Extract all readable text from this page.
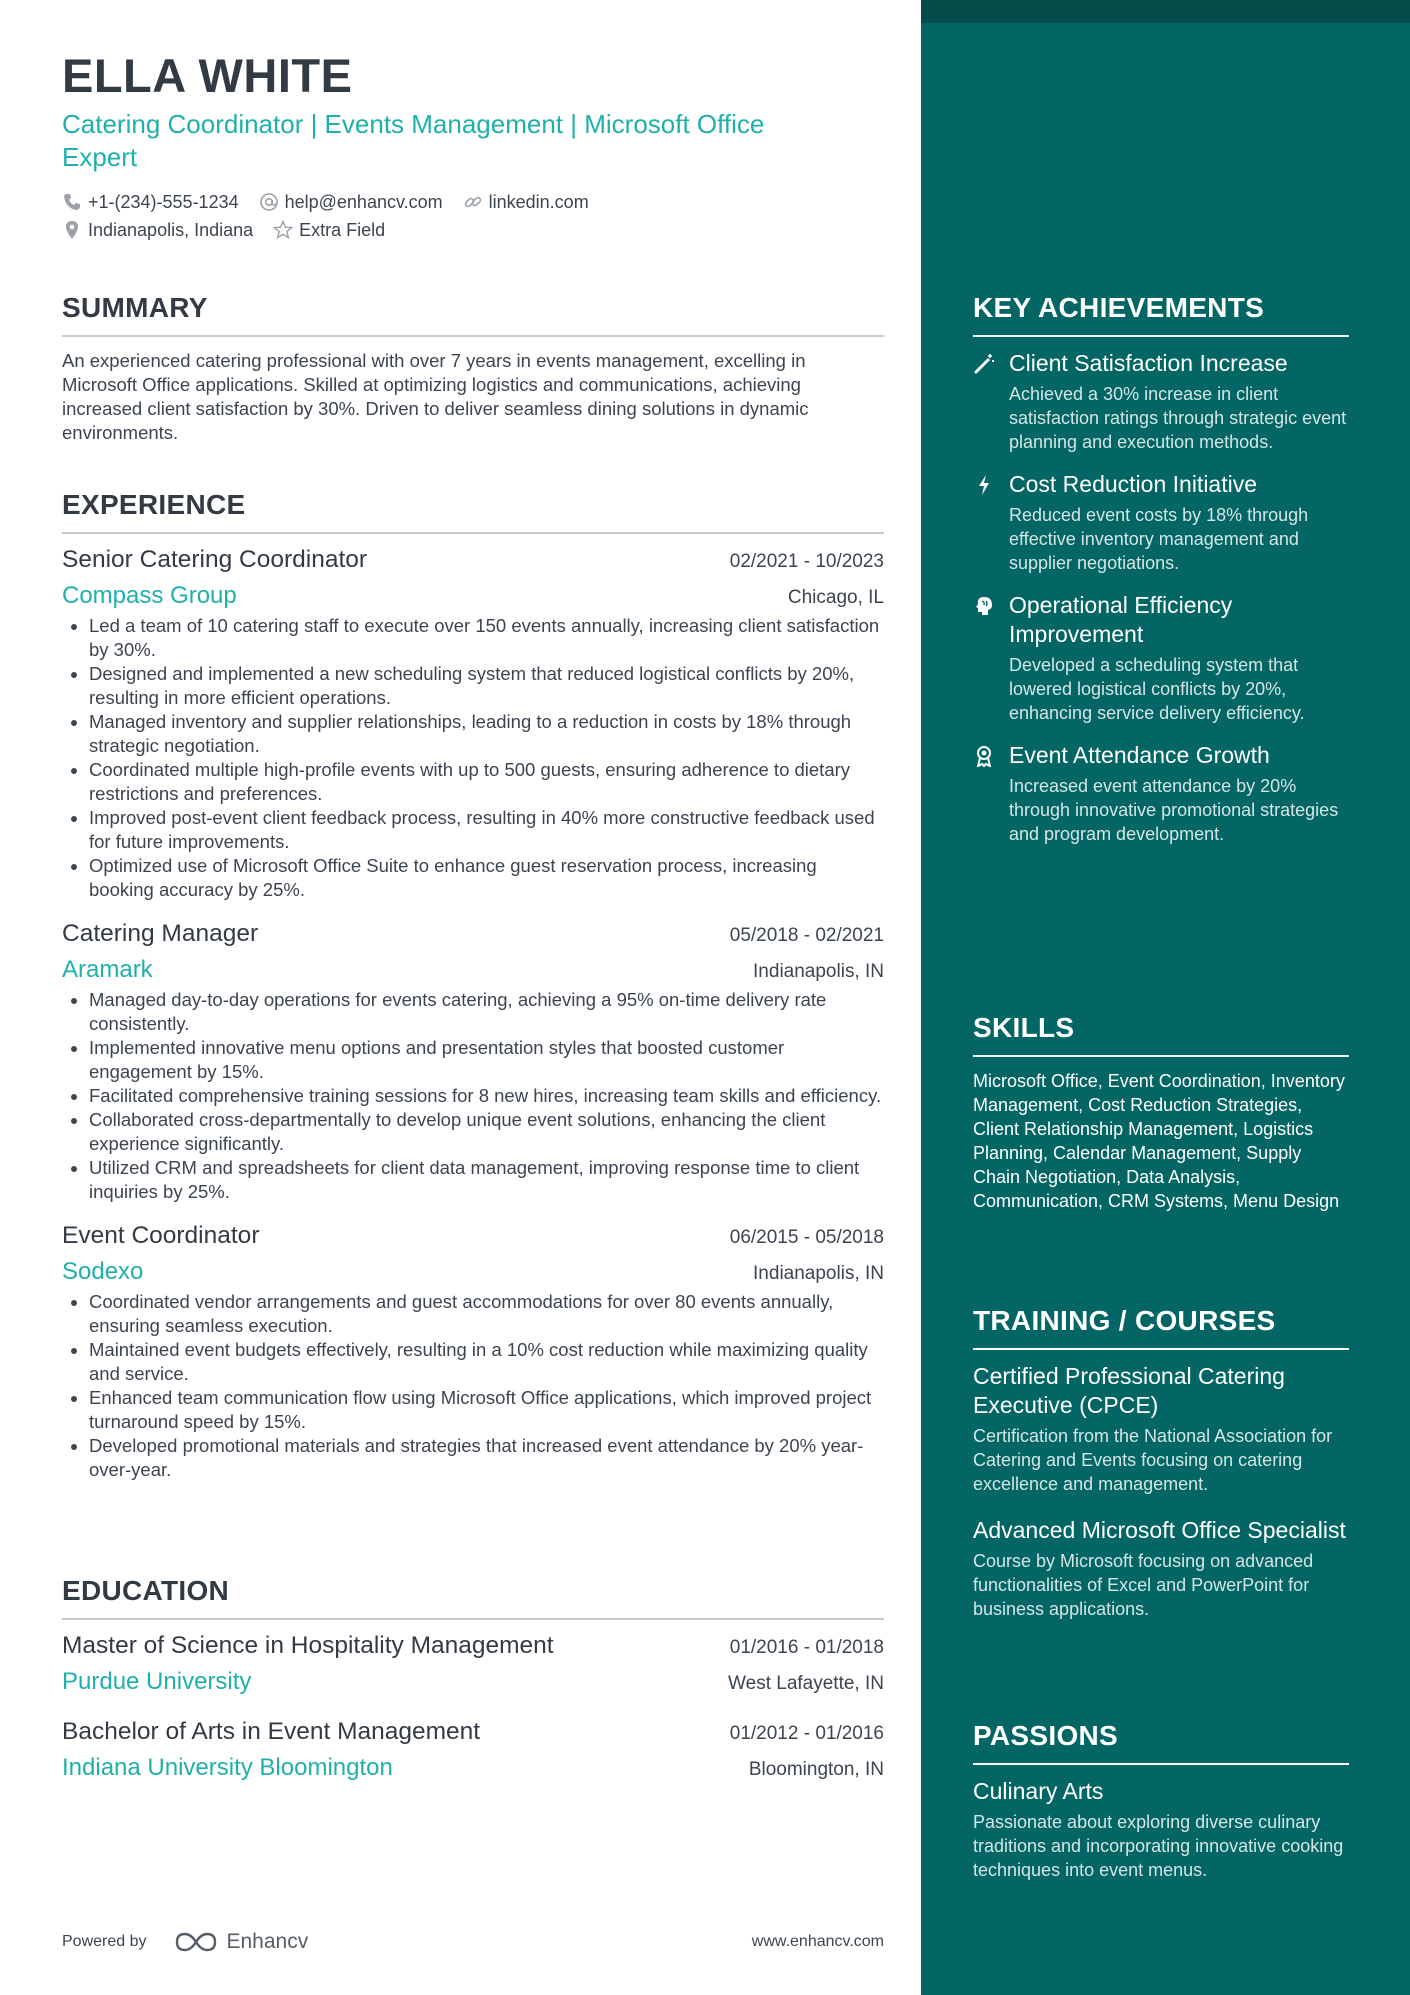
ELLA WHITE
Catering Coordinator | Events Management | Microsoft Office Expert
+1-(234)-555-1234	help@enhancv.com	linkedin.com
Indianapolis, Indiana	Extra Field
SUMMARY
An experienced catering professional with over 7 years in events management, excelling in Microsoft Office applications. Skilled at optimizing logistics and communications, achieving increased client satisfaction by 30%. Driven to deliver seamless dining solutions in dynamic environments.
EXPERIENCE
Senior Catering Coordinator	02/2021 - 10/2023
Compass Group	Chicago, IL
• Led a team of 10 catering staff to execute over 150 events annually, increasing client satisfaction by 30%.
• Designed and implemented a new scheduling system that reduced logistical conflicts by 20%, resulting in more efficient operations.
• Managed inventory and supplier relationships, leading to a reduction in costs by 18% through strategic negotiation.
• Coordinated multiple high-profile events with up to 500 guests, ensuring adherence to dietary restrictions and preferences.
• Improved post-event client feedback process, resulting in 40% more constructive feedback used for future improvements.
• Optimized use of Microsoft Office Suite to enhance guest reservation process, increasing booking accuracy by 25%.
Catering Manager	05/2018 - 02/2021
Aramark	Indianapolis, IN
• Managed day-to-day operations for events catering, achieving a 95% on-time delivery rate consistently.
• Implemented innovative menu options and presentation styles that boosted customer engagement by 15%.
• Facilitated comprehensive training sessions for 8 new hires, increasing team skills and efficiency.
• Collaborated cross-departmentally to develop unique event solutions, enhancing the client experience significantly.
• Utilized CRM and spreadsheets for client data management, improving response time to client inquiries by 25%.
Event Coordinator	06/2015 - 05/2018
Sodexo	Indianapolis, IN
• Coordinated vendor arrangements and guest accommodations for over 80 events annually, ensuring seamless execution.
• Maintained event budgets effectively, resulting in a 10% cost reduction while maximizing quality and service.
• Enhanced team communication flow using Microsoft Office applications, which improved project turnaround speed by 15%.
• Developed promotional materials and strategies that increased event attendance by 20% year-over-year.
EDUCATION
Master of Science in Hospitality Management	01/2016 - 01/2018
Purdue University	West Lafayette, IN
Bachelor of Arts in Event Management	01/2012 - 01/2016
Indiana University Bloomington	Bloomington, IN
Powered by	Enhancv	www.enhancv.com
KEY ACHIEVEMENTS
Client Satisfaction Increase
Achieved a 30% increase in client satisfaction ratings through strategic event planning and execution methods.
Cost Reduction Initiative
Reduced event costs by 18% through effective inventory management and supplier negotiations.
Operational Efficiency Improvement
Developed a scheduling system that lowered logistical conflicts by 20%, enhancing service delivery efficiency.
Event Attendance Growth
Increased event attendance by 20% through innovative promotional strategies and program development.
SKILLS
Microsoft Office, Event Coordination, Inventory Management, Cost Reduction Strategies, Client Relationship Management, Logistics Planning, Calendar Management, Supply Chain Negotiation, Data Analysis, Communication, CRM Systems, Menu Design
TRAINING / COURSES
Certified Professional Catering Executive (CPCE)
Certification from the National Association for Catering and Events focusing on catering excellence and management.
Advanced Microsoft Office Specialist
Course by Microsoft focusing on advanced functionalities of Excel and PowerPoint for business applications.
PASSIONS
Culinary Arts
Passionate about exploring diverse culinary traditions and incorporating innovative cooking techniques into event menus.
